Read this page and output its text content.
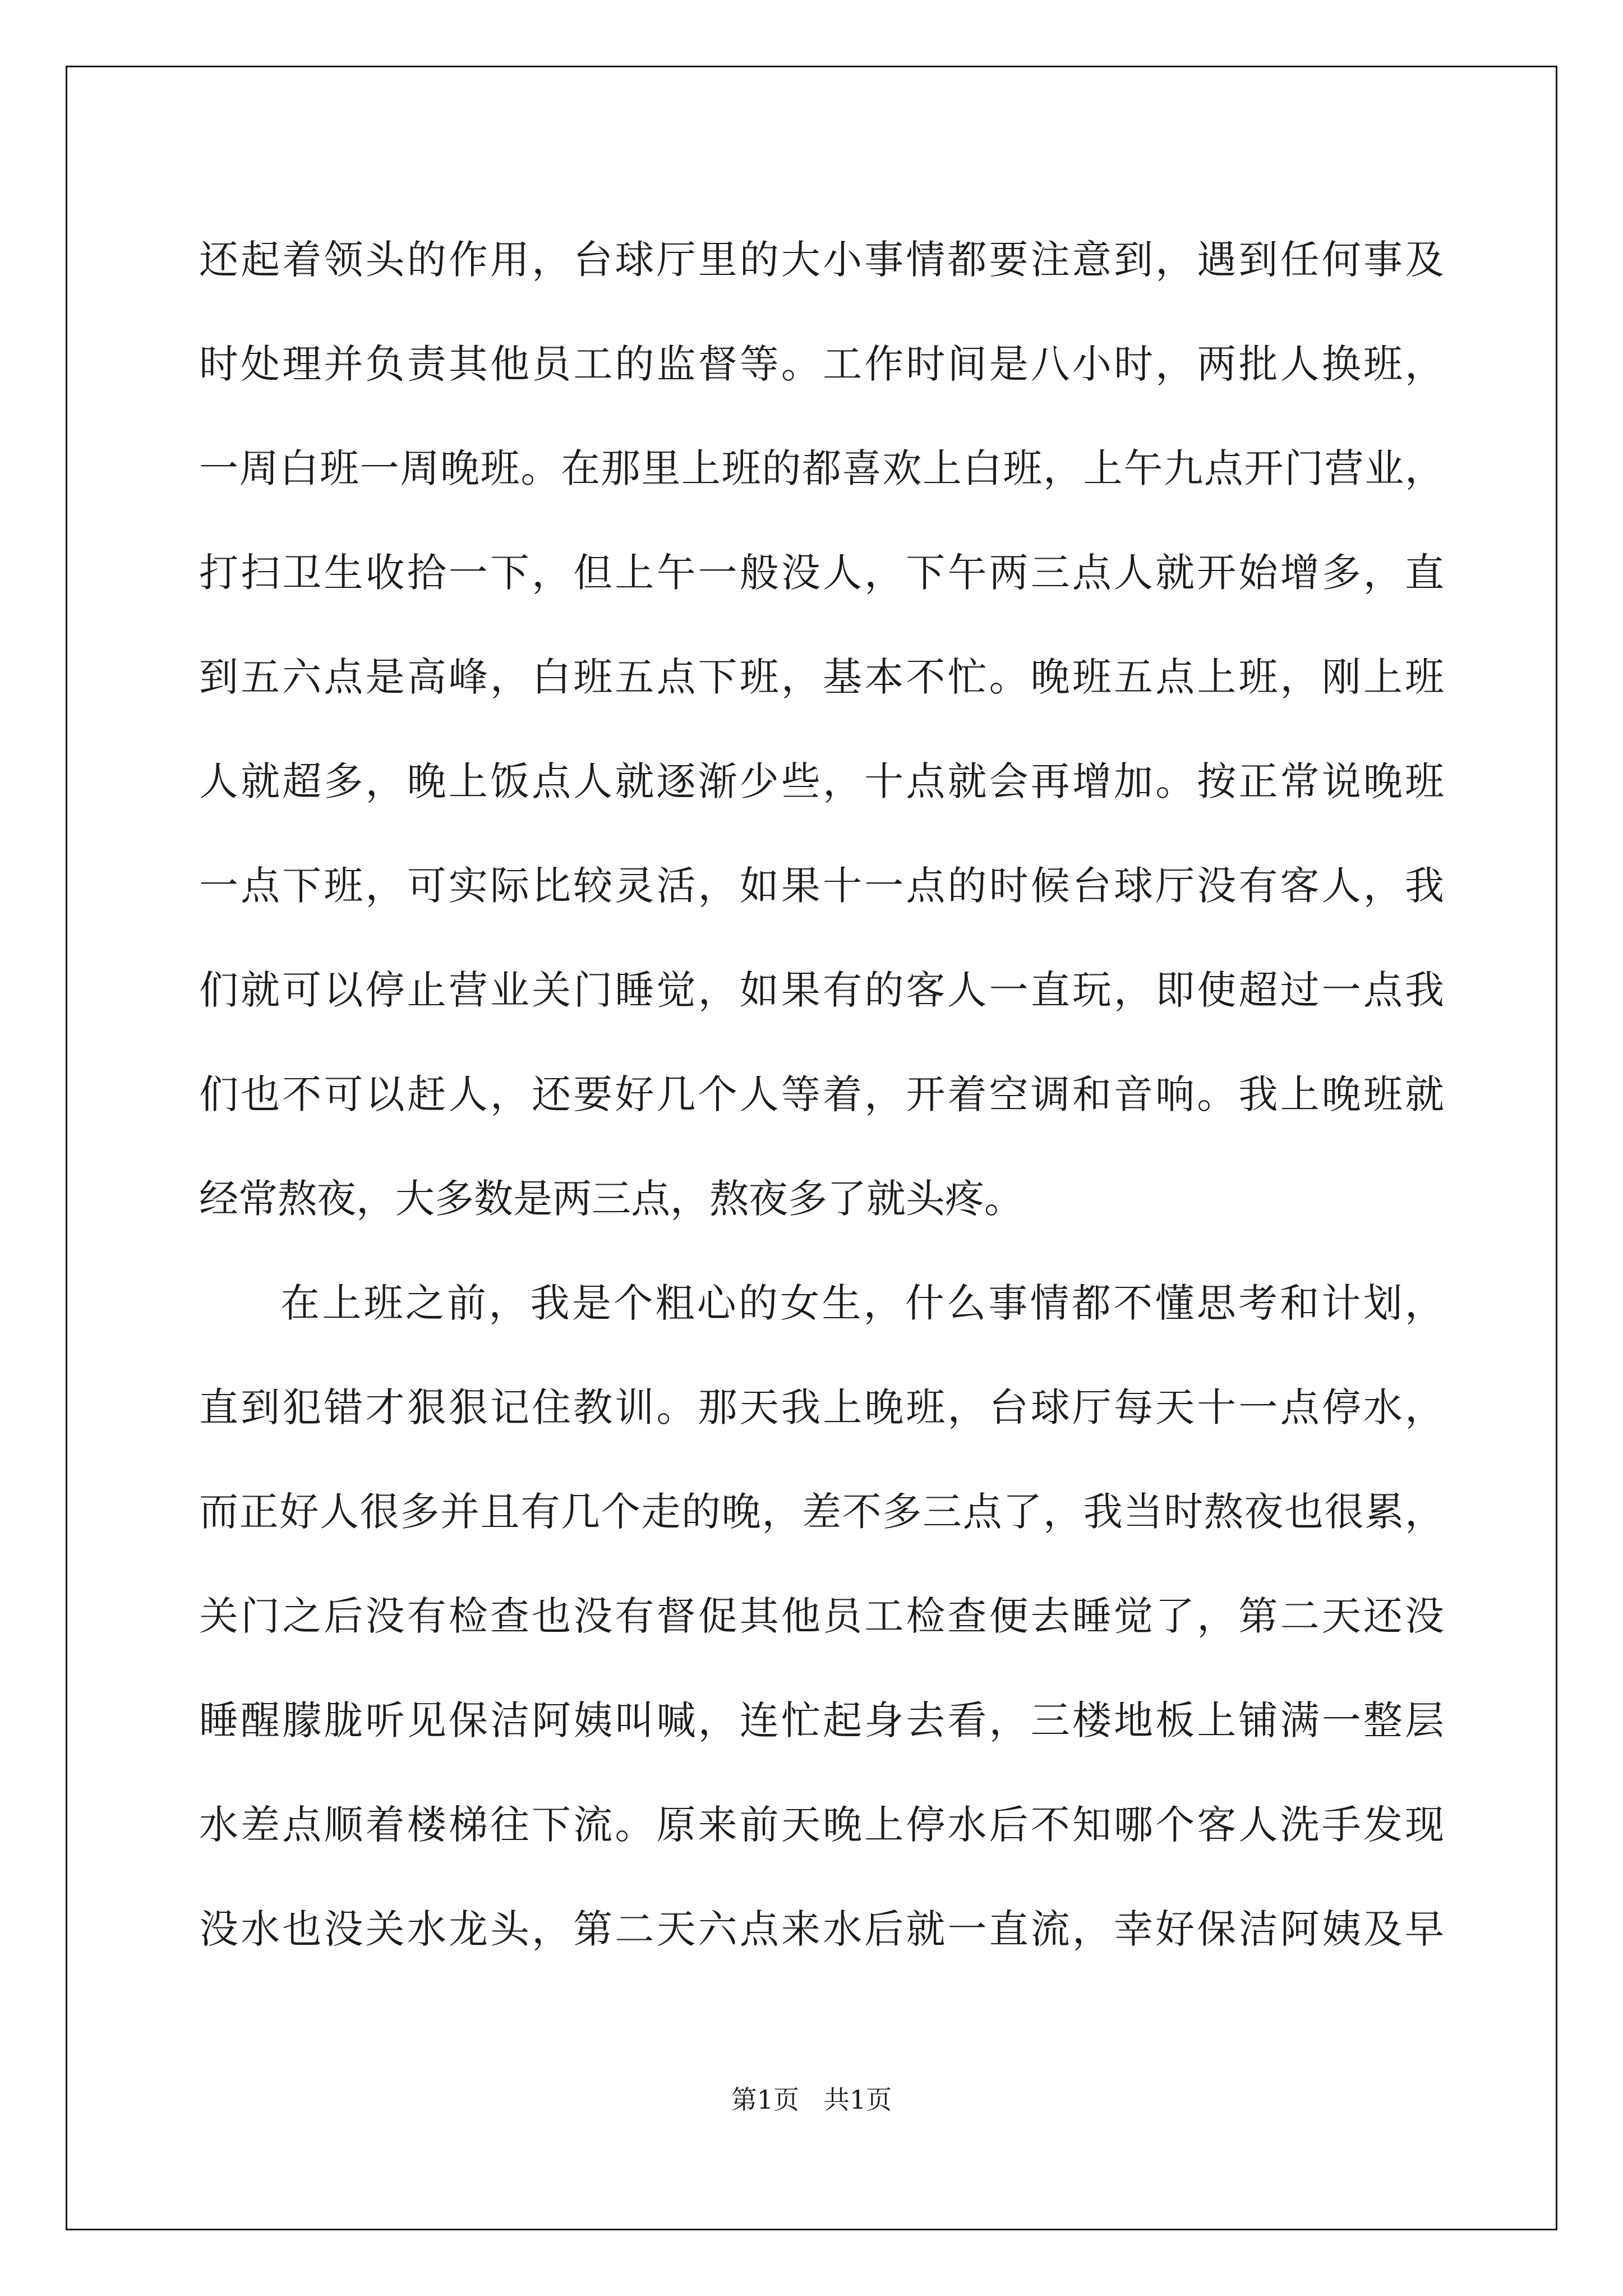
还起着领头的作用，台球厅里的大小事情都要注意到，遇到任何事及
时处理并负责其他员工的监督等。工作时间是八小时，两批人换班，
一周白班一周晚班。在那里上班的都喜欢上白班，上午九点开门营业，
打扫卫生收拾一下，但上午一般没人，下午两三点人就开始增多，直
到五六点是高峰，白班五点下班，基本不忙。晚班五点上班，刚上班
人就超多，晚上饭点人就逐渐少些，十点就会再增加。按正常说晚班
一点下班，可实际比较灵活，如果十一点的时候台球厅没有客人，我
们就可以停止营业关门睡觉，如果有的客人一直玩，即使超过一点我
们也不可以赶人，还要好几个人等着，开着空调和音响。我上晚班就
经常熬夜，大多数是两三点，熬夜多了就头疼。
在上班之前，我是个粗心的女生，什么事情都不懂思考和计划，
直到犯错才狠狠记住教训。那天我上晚班，台球厅每天十一点停水，
而正好人很多并且有几个走的晚，差不多三点了，我当时熬夜也很累，
关门之后没有检查也没有督促其他员工检查便去睡觉了，第二天还没
睡醒朦胧听见保洁阿姨叫喊，连忙起身去看，三楼地板上铺满一整层
水差点顺着楼梯往下流。原来前天晚上停水后不知哪个客人洗手发现
没水也没关水龙头，第二天六点来水后就一直流，幸好保洁阿姨及早
第1页 共1页
